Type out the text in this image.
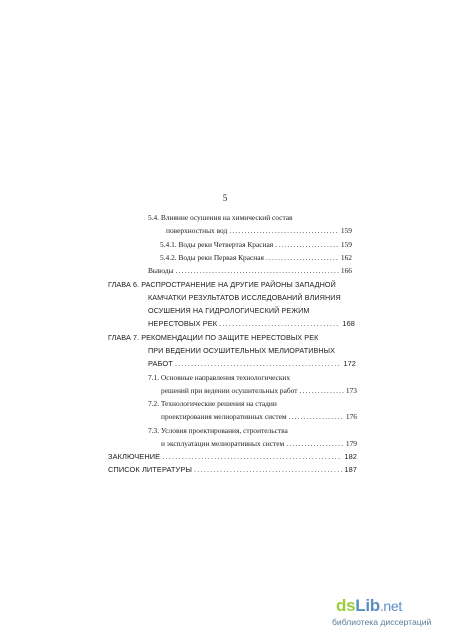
5
5.4. Влияние осушения на химический состав
поверхностных вод .....	159
5.4.1. Воды реки Четвертая Красная .....	159
5.4.2. Воды реки Первая Красная .....	162
Выводы .....	166
ГЛАВА 6. РАСПРОСТРАНЕНИЕ НА ДРУГИЕ РАЙОНЫ ЗАПАДНОЙ
КАМЧАТКИ РЕЗУЛЬТАТОВ ИССЛЕДОВАНИЙ ВЛИЯНИЯ
ОСУШЕНИЯ НА ГИДРОЛОГИЧЕСКИЙ РЕЖИМ
НЕРЕСТОВЫХ РЕК .....	168
ГЛАВА 7. РЕКОМЕНДАЦИИ ПО ЗАЩИТЕ НЕРЕСТОВЫХ РЕК
ПРИ ВЕДЕНИИ ОСУШИТЕЛЬНЫХ МЕЛИОРАТИВНЫХ
РАБОТ .....	172
7.1. Основные направления технологических
решений при ведении осушительных работ .....	173
7.2. Технологические решения на стадии
проектирования мелиоративных систем .....	176
7.3. Условия проектирования, строительства
и эксплуатации мелиоративных систем .....	179
ЗАКЛЮЧЕНИЕ .....	182
СПИСОК ЛИТЕРАТУРЫ .....	187
dsLib.net
библиотека диссертаций
